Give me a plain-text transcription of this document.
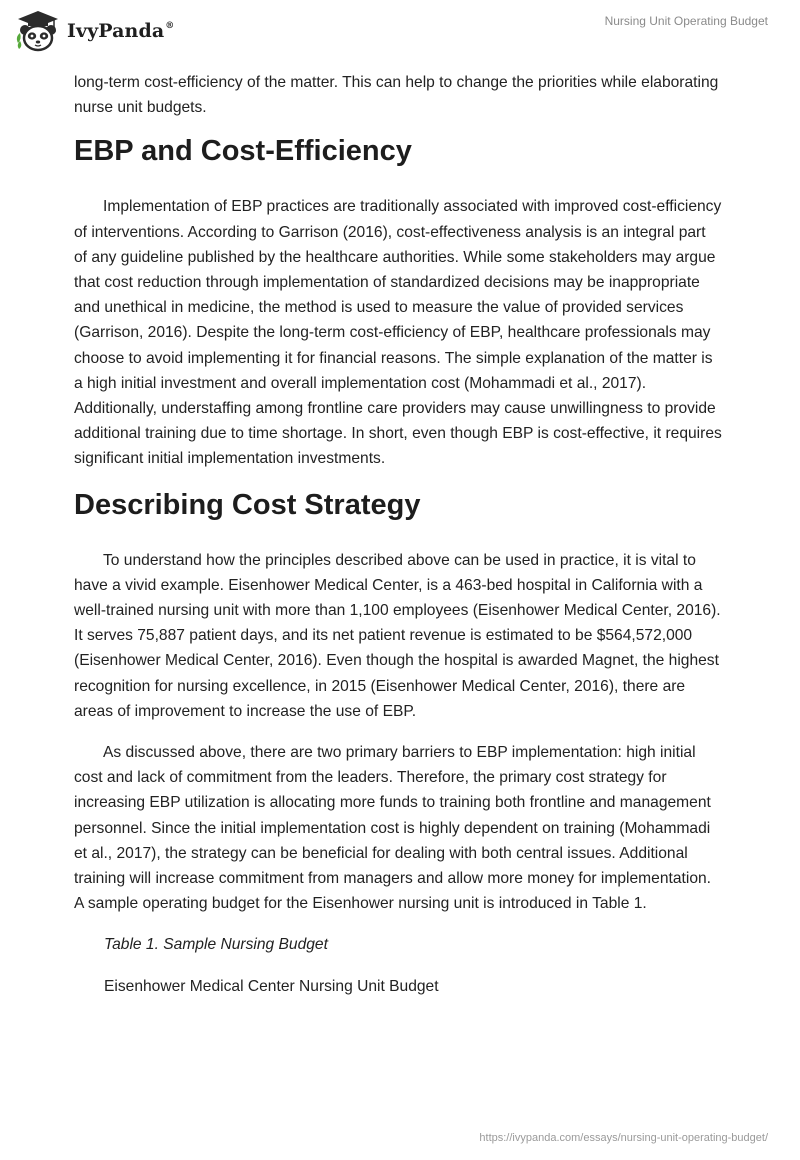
IvyPanda®	Nursing Unit Operating Budget

long-term cost-efficiency of the matter. This can help to change the priorities while elaborating nurse unit budgets.

EBP and Cost-Efficiency

Implementation of EBP practices are traditionally associated with improved cost-efficiency of interventions. According to Garrison (2016), cost-effectiveness analysis is an integral part of any guideline published by the healthcare authorities. While some stakeholders may argue that cost reduction through implementation of standardized decisions may be inappropriate and unethical in medicine, the method is used to measure the value of provided services (Garrison, 2016). Despite the long-term cost-efficiency of EBP, healthcare professionals may choose to avoid implementing it for financial reasons. The simple explanation of the matter is a high initial investment and overall implementation cost (Mohammadi et al., 2017). Additionally, understaffing among frontline care providers may cause unwillingness to provide additional training due to time shortage. In short, even though EBP is cost-effective, it requires significant initial implementation investments.

Describing Cost Strategy

To understand how the principles described above can be used in practice, it is vital to have a vivid example. Eisenhower Medical Center, is a 463-bed hospital in California with a well-trained nursing unit with more than 1,100 employees (Eisenhower Medical Center, 2016). It serves 75,887 patient days, and its net patient revenue is estimated to be $564,572,000 (Eisenhower Medical Center, 2016). Even though the hospital is awarded Magnet, the highest recognition for nursing excellence, in 2015 (Eisenhower Medical Center, 2016), there are areas of improvement to increase the use of EBP.

As discussed above, there are two primary barriers to EBP implementation: high initial cost and lack of commitment from the leaders. Therefore, the primary cost strategy for increasing EBP utilization is allocating more funds to training both frontline and management personnel. Since the initial implementation cost is highly dependent on training (Mohammadi et al., 2017), the strategy can be beneficial for dealing with both central issues. Additional training will increase commitment from managers and allow more money for implementation. A sample operating budget for the Eisenhower nursing unit is introduced in Table 1.

Table 1. Sample Nursing Budget

Eisenhower Medical Center Nursing Unit Budget

https://ivypanda.com/essays/nursing-unit-operating-budget/
